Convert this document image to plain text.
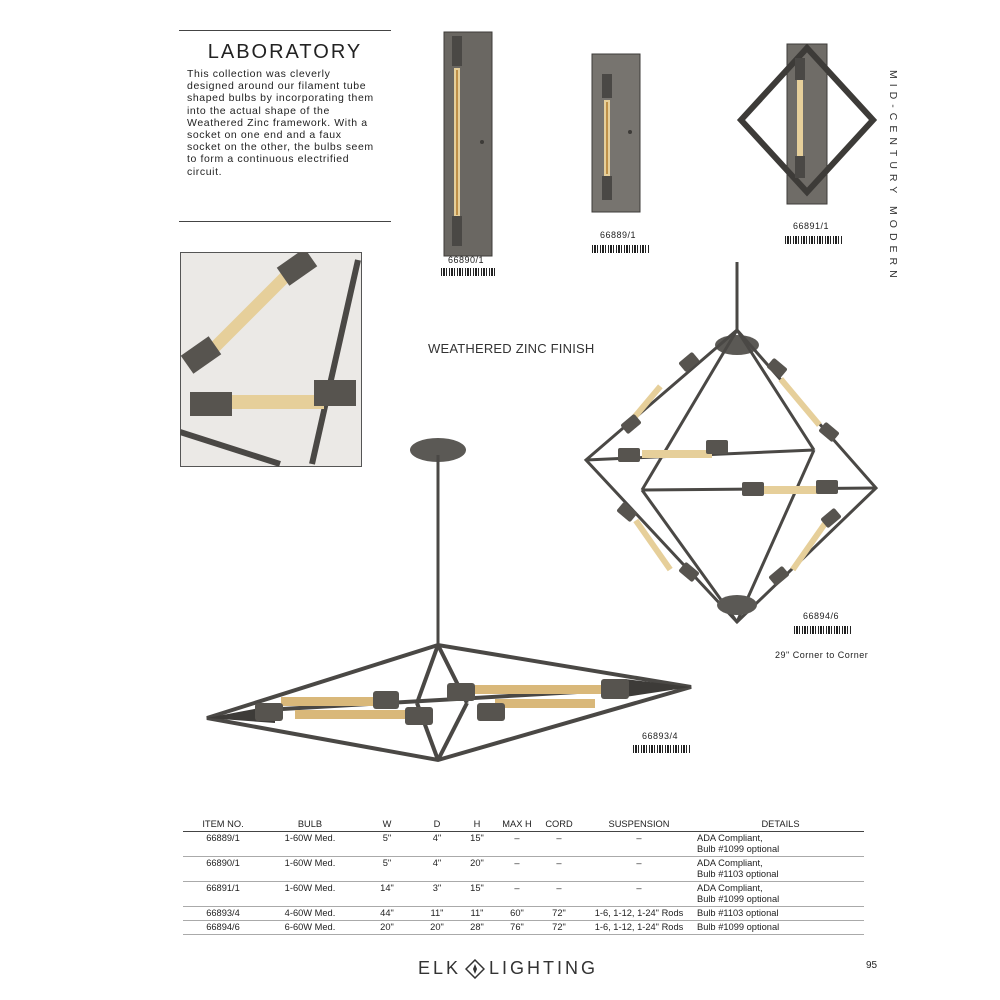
LABORATORY

This collection was cleverly designed around our filament tube shaped bulbs by incorporating them into the actual shape of the Weathered Zinc framework. With a socket on one end and a faux socket on the other, the bulbs seem to form a continuous electrified circuit.	MID-CENTURY MODERN
66890/1
66889/1
66891/1
WEATHERED ZINC FINISH
66894/6
29" Corner to Corner
66893/4
ITEM NO.	BULB	W	D	H	MAX H	CORD	SUSPENSION	DETAILS
66889/1	1-60W Med.	5"	4"	15"	–	–	–	ADA Compliant,
Bulb #1099 optional
66890/1	1-60W Med.	5"	4"	20"	–	–	–	ADA Compliant,
Bulb #1103 optional
66891/1	1-60W Med.	14"	3"	15"	–	–	–	ADA Compliant,
Bulb #1099 optional
66893/4	4-60W Med.	44"	11"	11"	60"	72"	1-6, 1-12, 1-24" Rods	Bulb #1103 optional
66894/6	6-60W Med.	20"	20"	28"	76"	72"	1-6, 1-12, 1-24" Rods	Bulb #1099 optional
ELK LIGHTING	95
